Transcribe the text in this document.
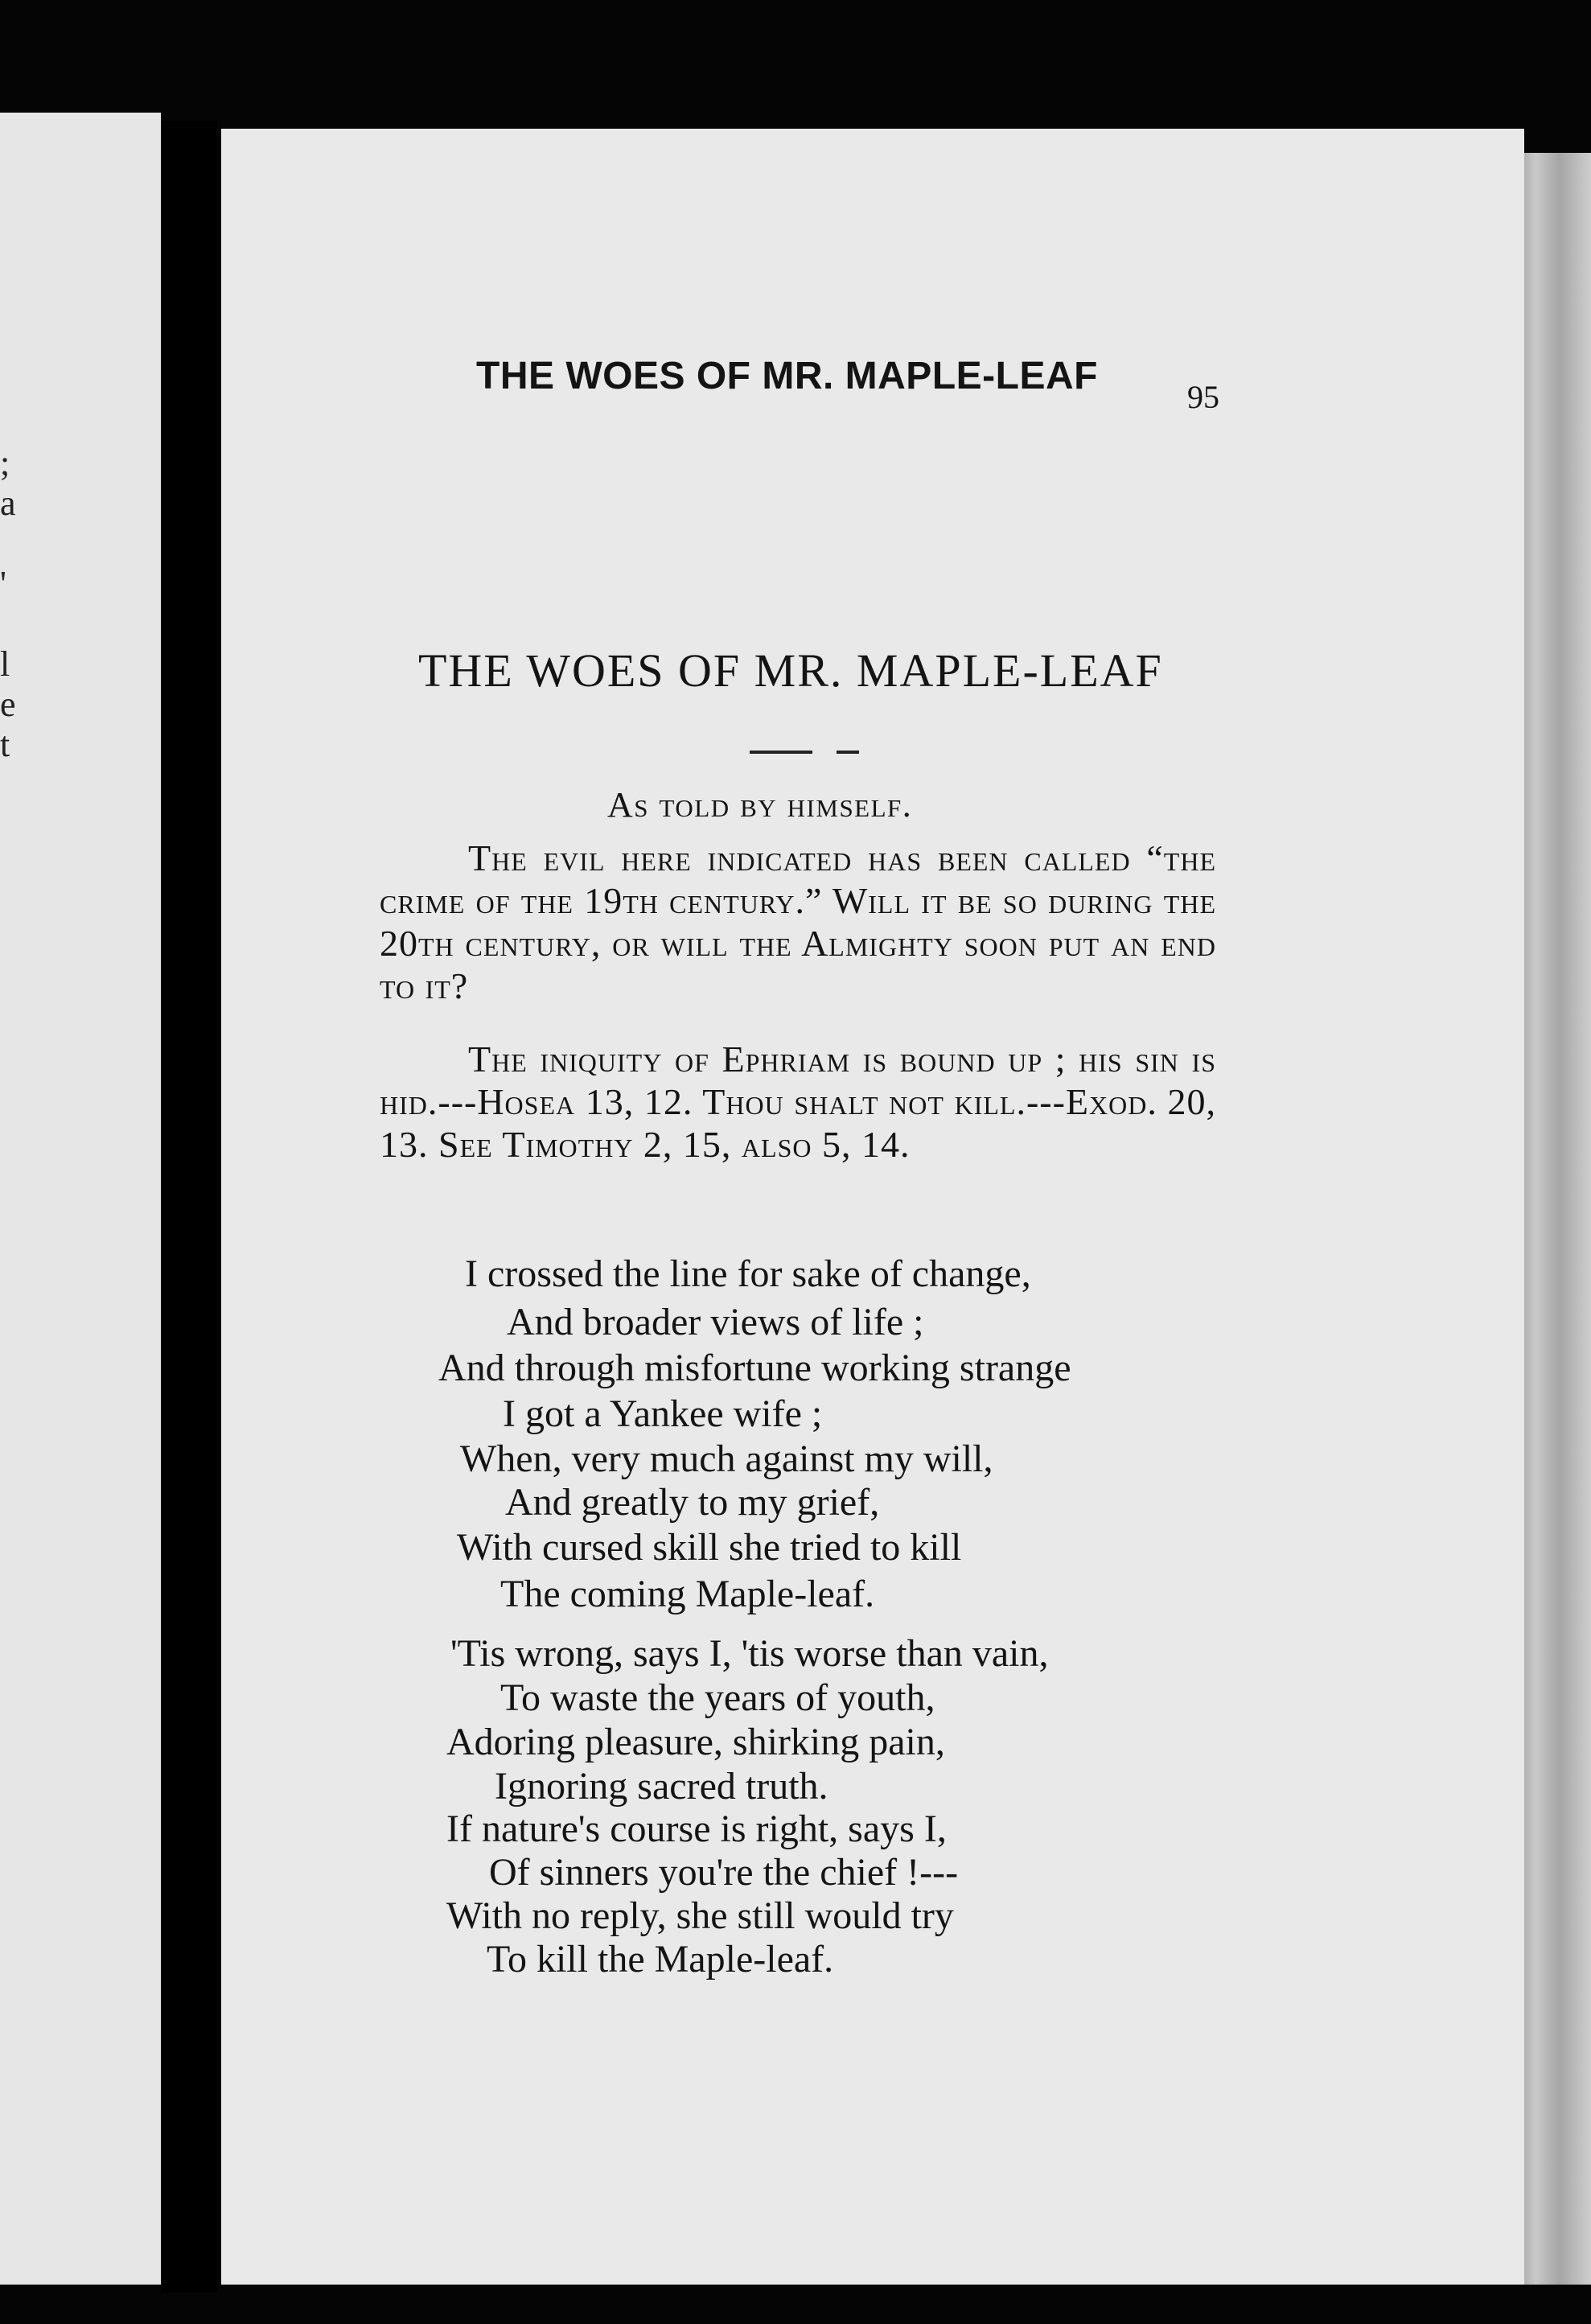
;
a
'
l
e
t
THE WOES OF MR. MAPLE-LEAF	95
THE WOES OF MR. MAPLE-LEAF
As told by himself.
The evil here indicated has been called “the crime of the 19th century.” Will it be so during the 20th century, or will the Almighty soon put an end to it?
The iniquity of Ephriam is bound up ; his sin is hid.---Hosea 13, 12. Thou shalt not kill.---Exod. 20, 13. See Timothy 2, 15, also 5, 14.
I crossed the line for sake of change,
And broader views of life ;
And through misfortune working strange
I got a Yankee wife ;
When, very much against my will,
And greatly to my grief,
With cursed skill she tried to kill
The coming Maple-leaf.
'Tis wrong, says I, 'tis worse than vain,
To waste the years of youth,
Adoring pleasure, shirking pain,
Ignoring sacred truth.
If nature's course is right, says I,
Of sinners you're the chief !---
With no reply, she still would try
To kill the Maple-leaf.
